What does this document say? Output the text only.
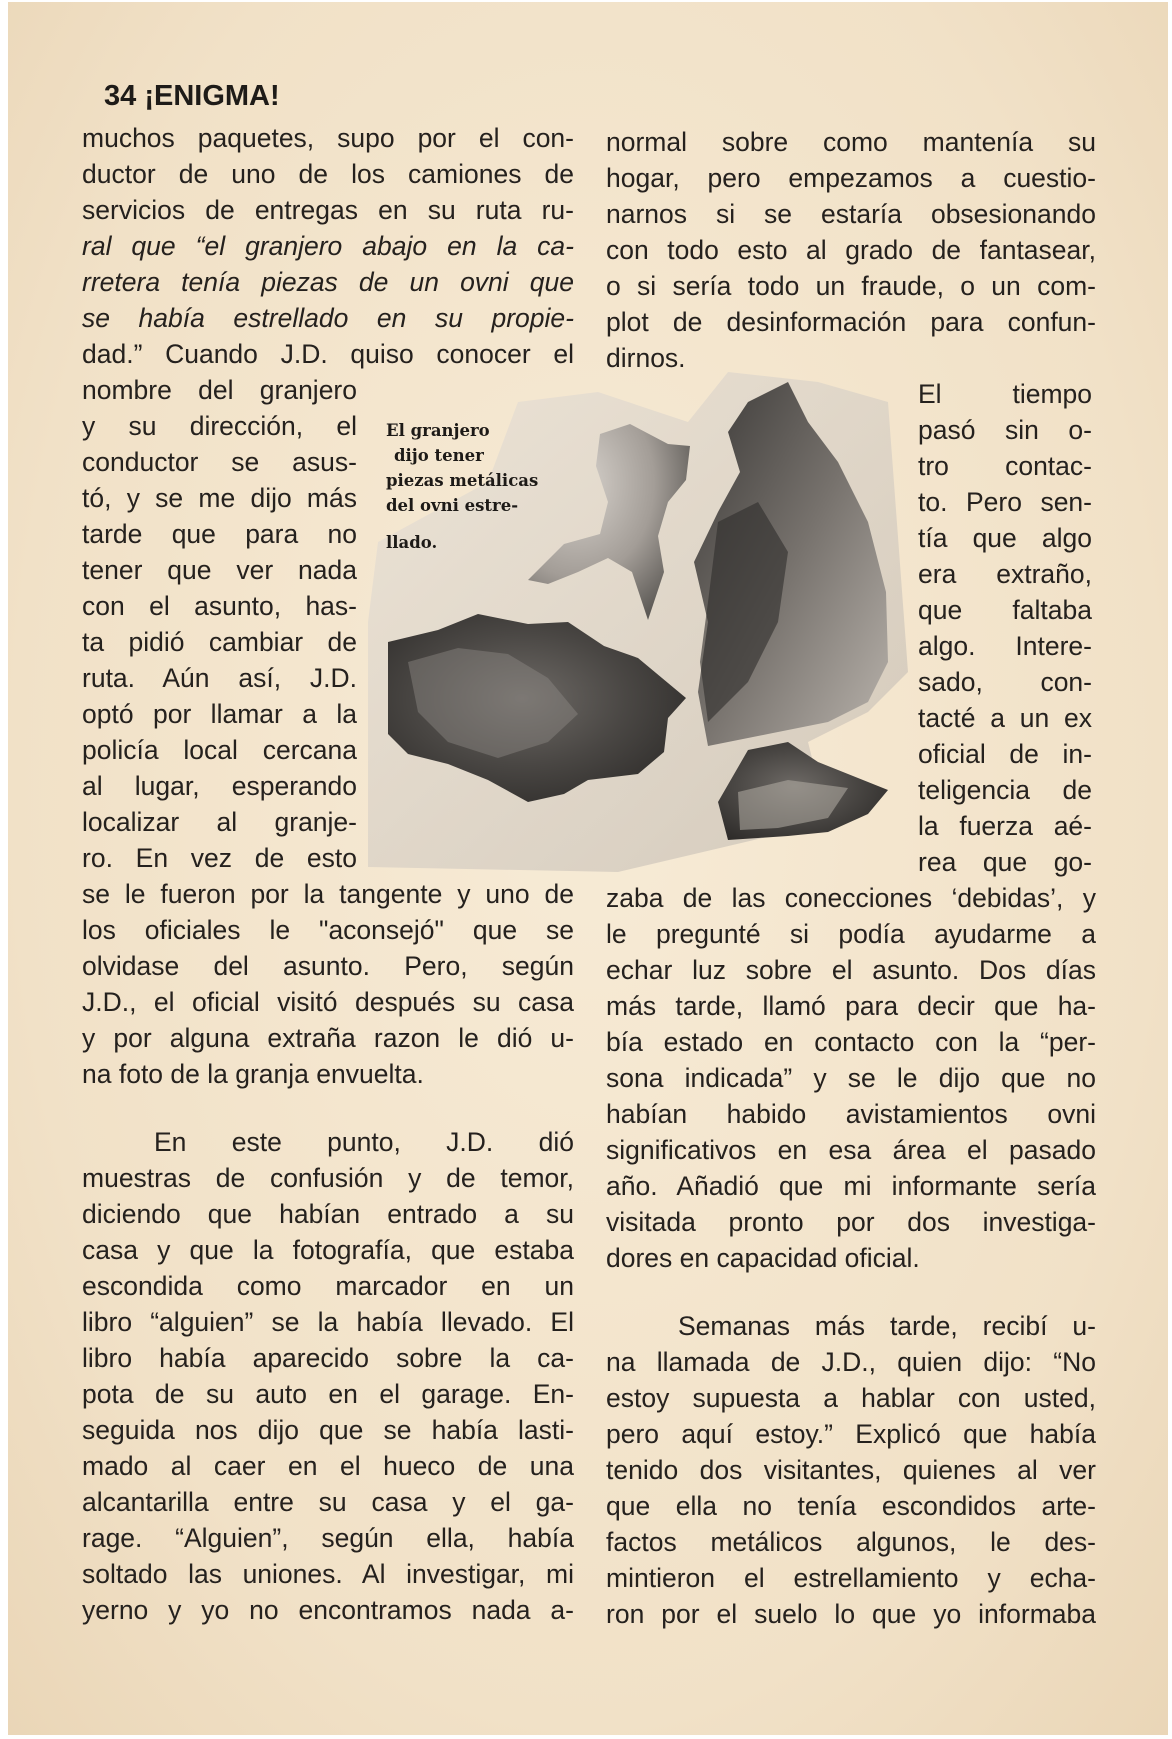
34 ¡ENIGMA!
muchos paquetes, supo por el con-
ductor de uno de los camiones de
servicios de entregas en su ruta ru-
ral que “el granjero abajo en la ca-
rretera tenía piezas de un ovni que
se había estrellado en su propie-
dad.” Cuando J.D. quiso conocer el
nombre del granjero
y su dirección, el
conductor se asus-
tó, y se me dijo más
tarde que para no
tener que ver nada
con el asunto, has-
ta pidió cambiar de
ruta. Aún así, J.D.
optó por llamar a la
policía local cercana
al lugar, esperando
localizar al granje-
ro. En vez de esto
se le fueron por la tangente y uno de
los oficiales le "aconsejó" que se
olvidase del asunto. Pero, según
J.D., el oficial visitó después su casa
y por alguna extraña razon le dió u-
na foto de la granja envuelta.
En este punto, J.D. dió
muestras de confusión y de temor,
diciendo que habían entrado a su
casa y que la fotografía, que estaba
escondida como marcador en un
libro “alguien” se la había llevado. El
libro había aparecido sobre la ca-
pota de su auto en el garage. En-
seguida nos dijo que se había lasti-
mado al caer en el hueco de una
alcantarilla entre su casa y el ga-
rage. “Alguien”, según ella, había
soltado las uniones. Al investigar, mi
yerno y yo no encontramos nada a-
normal sobre como mantenía su
hogar, pero empezamos a cuestio-
narnos si se estaría obsesionando
con todo esto al grado de fantasear,
o si sería todo un fraude, o un com-
plot de desinformación para confun-
dirnos.
El tiempo
pasó sin o-
tro contac-
to. Pero sen-
tía que algo
era extraño,
que faltaba
algo. Intere-
sado, con-
tacté a un ex
oficial de in-
teligencia de
la fuerza aé-
rea que go-
zaba de las conecciones ‘debidas’, y
le pregunté si podía ayudarme a
echar luz sobre el asunto. Dos días
más tarde, llamó para decir que ha-
bía estado en contacto con la “per-
sona indicada” y se le dijo que no
habían habido avistamientos ovni
significativos en esa área el pasado
año. Añadió que mi informante sería
visitada pronto por dos investiga-
dores en capacidad oficial.
Semanas más tarde, recibí u-
na llamada de J.D., quien dijo: “No
estoy supuesta a hablar con usted,
pero aquí estoy.” Explicó que había
tenido dos visitantes, quienes al ver
que ella no tenía escondidos arte-
factos metálicos algunos, le des-
mintieron el estrellamiento y echa-
ron por el suelo lo que yo informaba
El granjero
dijo tener
piezas metálicas
del ovni estre-
llado.
